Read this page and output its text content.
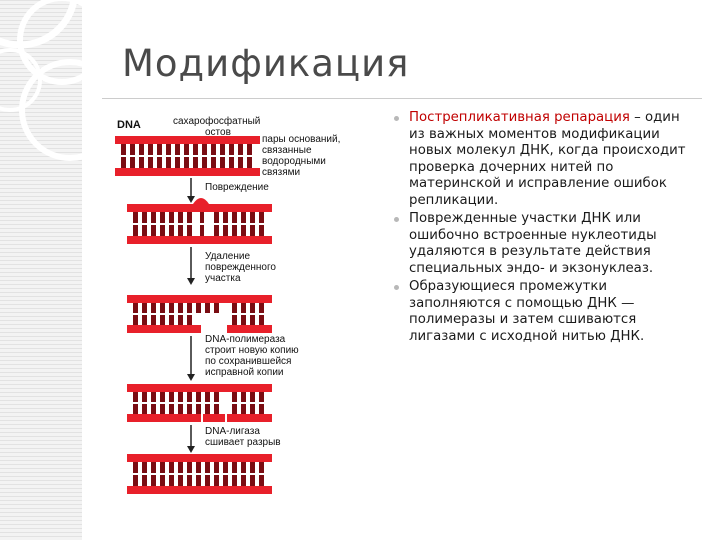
Модификация
DNA	сахарофосфатный
остов
пары оснований,
связанные
водородными
связями
Повреждение
Удаление
поврежденного
участка
DNA-полимераза
строит новую копию
по сохранившейся
исправной копии
DNA-лигаза
сшивает разрыв
Пострепликативная репарация – один из важных моментов модификации новых молекул ДНК, когда происходит проверка дочерних нитей по материнской и исправление ошибок репликации.
Поврежденные участки ДНК или ошибочно встроенные нуклеотиды удаляются в результате действия специальных эндо- и экзонуклеаз.
Образующиеся промежутки заполняются с помощью ДНК —полимеразы и затем сшиваются лигазами с исходной нитью ДНК.
